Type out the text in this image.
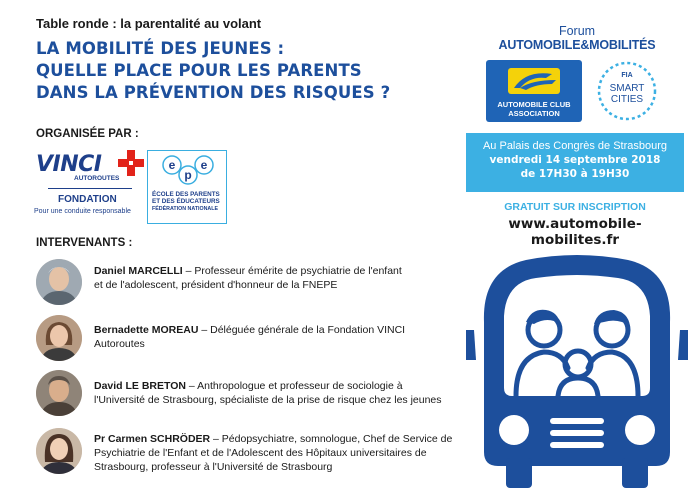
Table ronde : la parentalité au volant
LA MOBILITÉ DES JEUNES :
QUELLE PLACE POUR LES PARENTS
DANS LA PRÉVENTION DES RISQUES ?
ORGANISÉE PAR :
VINCI
AUTOROUTES
FONDATION
Pour une conduite responsable
e
p
e
ÉCOLE DES PARENTS
ET DES ÉDUCATEURS
FÉDÉRATION NATIONALE
INTERVENANTS :
Daniel MARCELLI – Professeur émérite de psychiatrie de l'enfant
et de l'adolescent, président d'honneur de la FNEPE
Bernadette MOREAU – Déléguée générale de la Fondation VINCI
Autoroutes
David LE BRETON – Anthropologue et professeur de sociologie à
l'Université de Strasbourg, spécialiste de la prise de risque chez les jeunes
Pr Carmen SCHRÖDER – Pédopsychiatre, somnologue, Chef de Service de
Psychiatrie de l'Enfant et de l'Adolescent des Hôpitaux universitaires de
Strasbourg, professeur à l'Université de Strasbourg
Forum
AUTOMOBILE&MOBILITÉS
AUTOMOBILE CLUB
ASSOCIATION
FIA
SMART
CITIES
Au Palais des Congrès de Strasbourg
vendredi 14 septembre 2018
de 17H30 à 19H30
GRATUIT SUR INSCRIPTION
www.automobile-mobilites.fr
